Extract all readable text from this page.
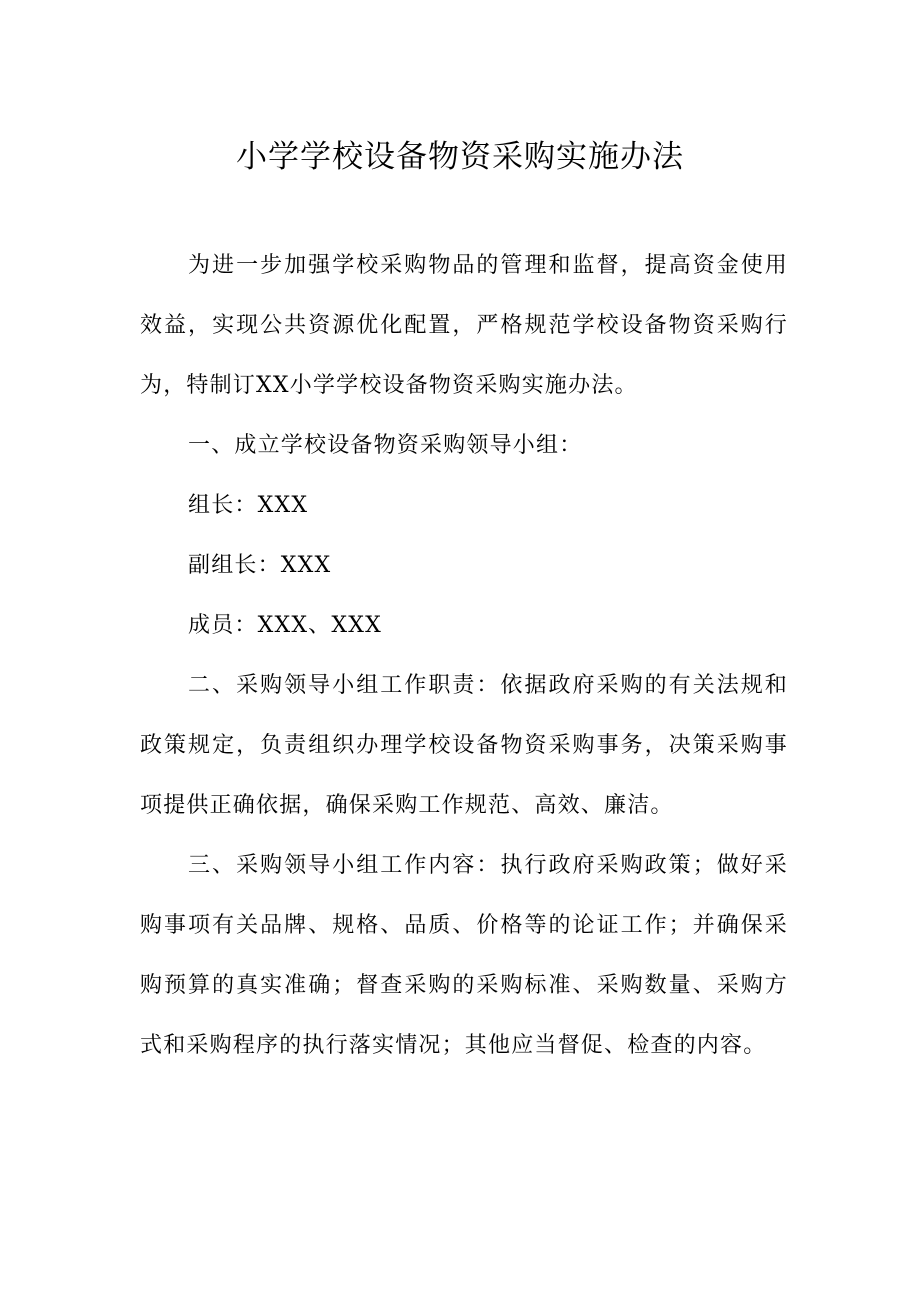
小学学校设备物资采购实施办法

为进一步加强学校采购物品的管理和监督，提高资金使用效益，实现公共资源优化配置，严格规范学校设备物资采购行为，特制订XX小学学校设备物资采购实施办法。

一、成立学校设备物资采购领导小组：

组长：XXX

副组长：XXX

成员：XXX、XXX

二、采购领导小组工作职责：依据政府采购的有关法规和政策规定，负责组织办理学校设备物资采购事务，决策采购事项提供正确依据，确保采购工作规范、高效、廉洁。

三、采购领导小组工作内容：执行政府采购政策；做好采购事项有关品牌、规格、品质、价格等的论证工作；并确保采购预算的真实准确；督查采购的采购标准、采购数量、采购方式和采购程序的执行落实情况；其他应当督促、检查的内容。
